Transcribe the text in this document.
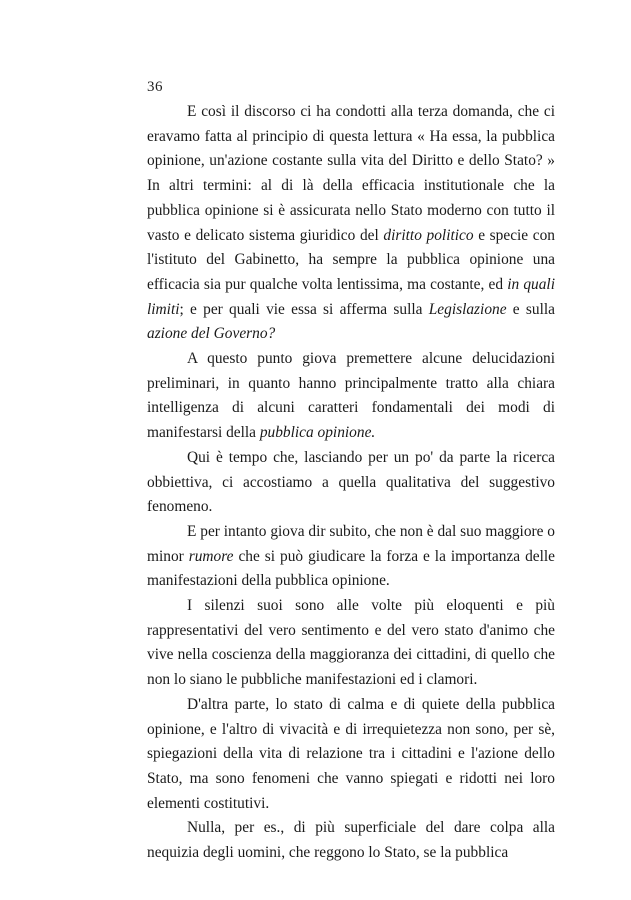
36

E così il discorso ci ha condotti alla terza domanda, che ci eravamo fatta al principio di questa lettura « Ha essa, la pubblica opinione, un'azione costante sulla vita del Diritto e dello Stato? » In altri termini: al di là della efficacia institutionale che la pubblica opinione si è assicurata nello Stato moderno con tutto il vasto e delicato sistema giuridico del diritto politico e specie con l'istituto del Gabinetto, ha sempre la pubblica opinione una efficacia sia pur qualche volta lentissima, ma costante, ed in quali limiti; e per quali vie essa si afferma sulla Legislazione e sulla azione del Governo?

A questo punto giova premettere alcune delucidazioni preliminari, in quanto hanno principalmente tratto alla chiara intelligenza di alcuni caratteri fondamentali dei modi di manifestarsi della pubblica opinione.

Qui è tempo che, lasciando per un po' da parte la ricerca obbiettiva, ci accostiamo a quella qualitativa del suggestivo fenomeno.

E per intanto giova dir subito, che non è dal suo maggiore o minor rumore che si può giudicare la forza e la importanza delle manifestazioni della pubblica opinione.

I silenzi suoi sono alle volte più eloquenti e più rappresentativi del vero sentimento e del vero stato d'animo che vive nella coscienza della maggioranza dei cittadini, di quello che non lo siano le pubbliche manifestazioni ed i clamori.

D'altra parte, lo stato di calma e di quiete della pubblica opinione, e l'altro di vivacità e di irrequietezza non sono, per sè, spiegazioni della vita di relazione tra i cittadini e l'azione dello Stato, ma sono fenomeni che vanno spiegati e ridotti nei loro elementi costitutivi.

Nulla, per es., di più superficiale del dare colpa alla nequizia degli uomini, che reggono lo Stato, se la pubblica
